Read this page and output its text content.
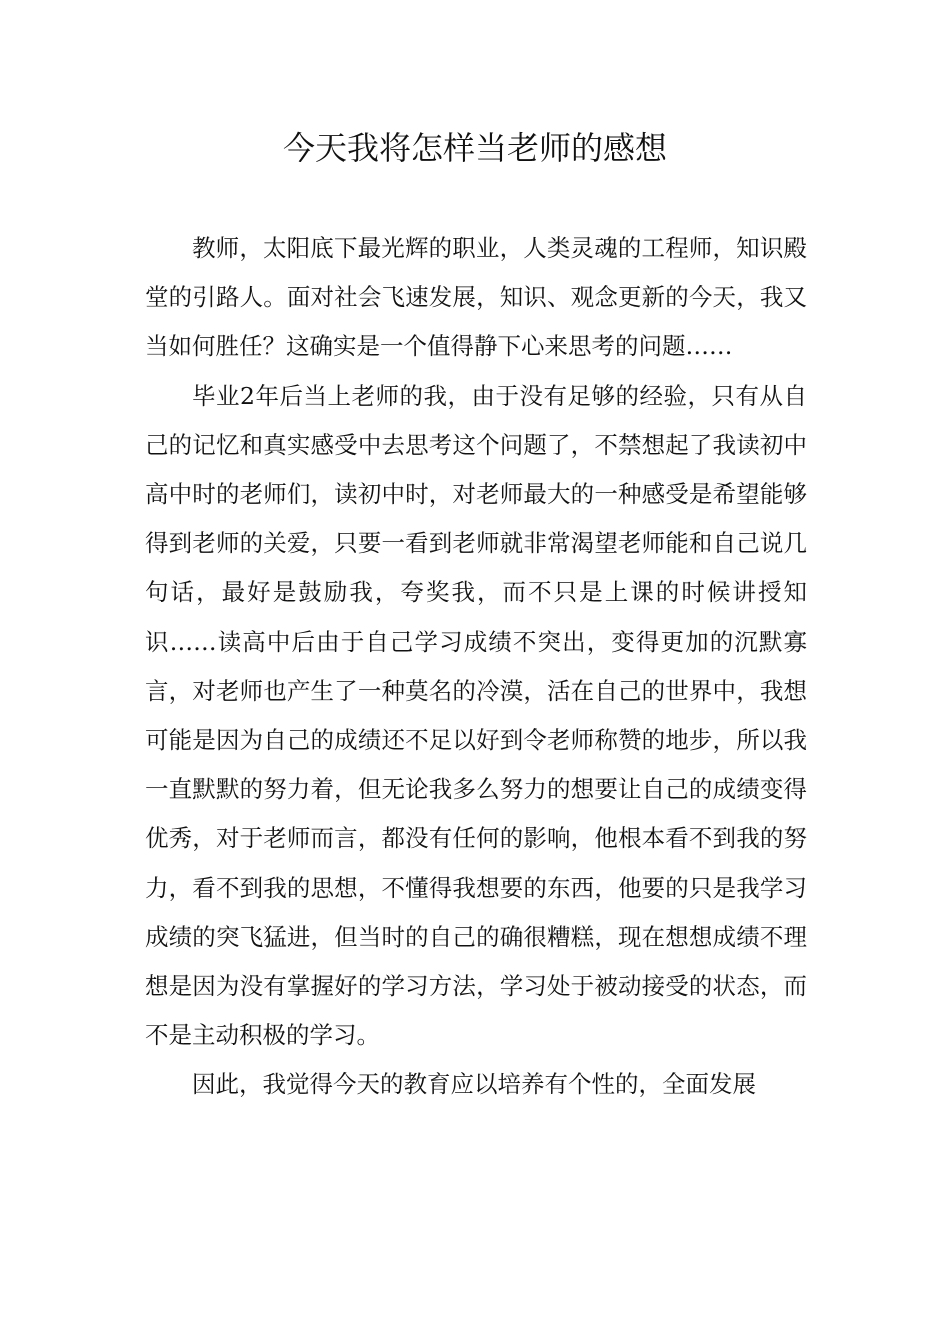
今天我将怎样当老师的感想

教师，太阳底下最光辉的职业，人类灵魂的工程师，知识殿堂的引路人。面对社会飞速发展，知识、观念更新的今天，我又当如何胜任？这确实是一个值得静下心来思考的问题……

毕业2年后当上老师的我，由于没有足够的经验，只有从自己的记忆和真实感受中去思考这个问题了，不禁想起了我读初中高中时的老师们，读初中时，对老师最大的一种感受是希望能够得到老师的关爱，只要一看到老师就非常渴望老师能和自己说几句话，最好是鼓励我，夸奖我，而不只是上课的时候讲授知识……读高中后由于自己学习成绩不突出，变得更加的沉默寡言，对老师也产生了一种莫名的冷漠，活在自己的世界中，我想可能是因为自己的成绩还不足以好到令老师称赞的地步，所以我一直默默的努力着，但无论我多么努力的想要让自己的成绩变得优秀，对于老师而言，都没有任何的影响，他根本看不到我的努力，看不到我的思想，不懂得我想要的东西，他要的只是我学习成绩的突飞猛进，但当时的自己的确很糟糕，现在想想成绩不理想是因为没有掌握好的学习方法，学习处于被动接受的状态，而不是主动积极的学习。

因此，我觉得今天的教育应以培养有个性的，全面发展
